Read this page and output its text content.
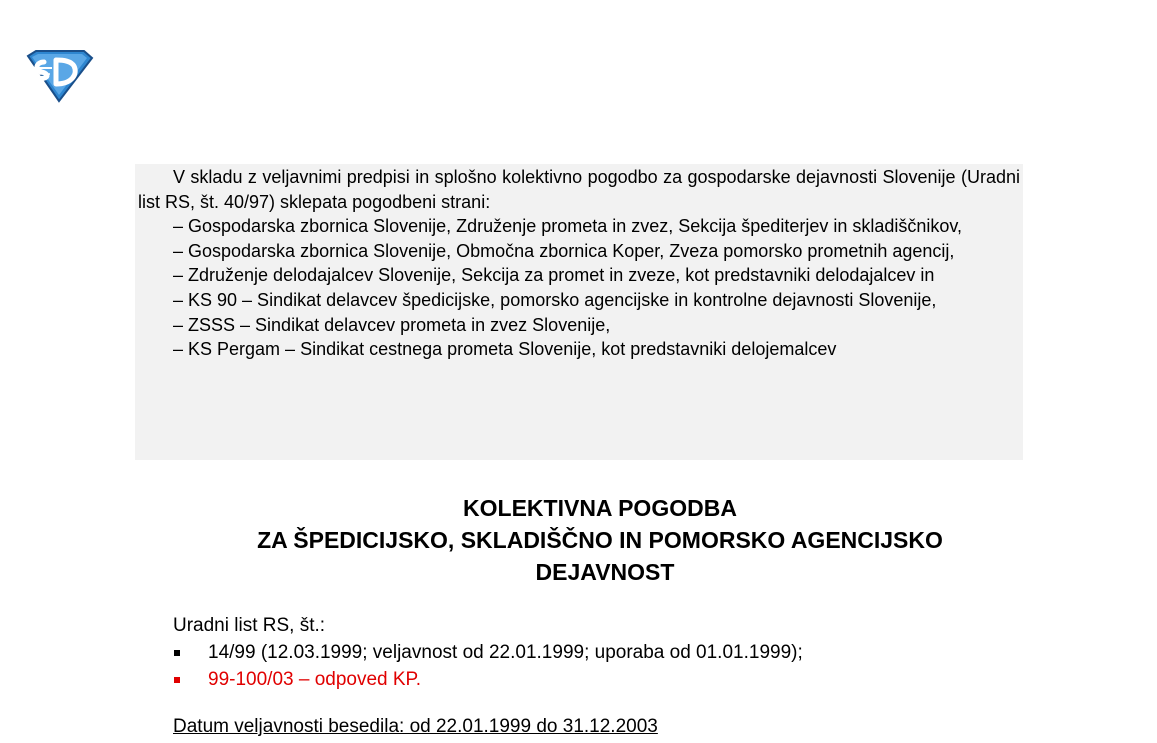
V skladu z veljavnimi predpisi in splošno kolektivno pogodbo za gospodarske dejavnosti Slovenije (Uradni list RS, št. 40/97) sklepata pogodbeni strani:

– Gospodarska zbornica Slovenije, Združenje prometa in zvez, Sekcija špediterjev in skladiščnikov,

– Gospodarska zbornica Slovenije, Območna zbornica Koper, Zveza pomorsko prometnih agencij,

– Združenje delodajalcev Slovenije, Sekcija za promet in zveze, kot predstavniki delodajalcev in

– KS 90 – Sindikat delavcev špedicijske, pomorsko agencijske in kontrolne dejavnosti Slovenije,

– ZSSS – Sindikat delavcev prometa in zvez Slovenije,

– KS Pergam – Sindikat cestnega prometa Slovenije, kot predstavniki delojemalcev

KOLEKTIVNA POGODBA
ZA ŠPEDICIJSKO, SKLADIŠČNO IN POMORSKO AGENCIJSKO
DEJAVNOST
Uradni list RS, št.:
14/99 (12.03.1999; veljavnost od 22.01.1999; uporaba od 01.01.1999);
99-100/03 – odpoved KP.
Datum veljavnosti besedila: od 22.01.1999 do 31.12.2003
